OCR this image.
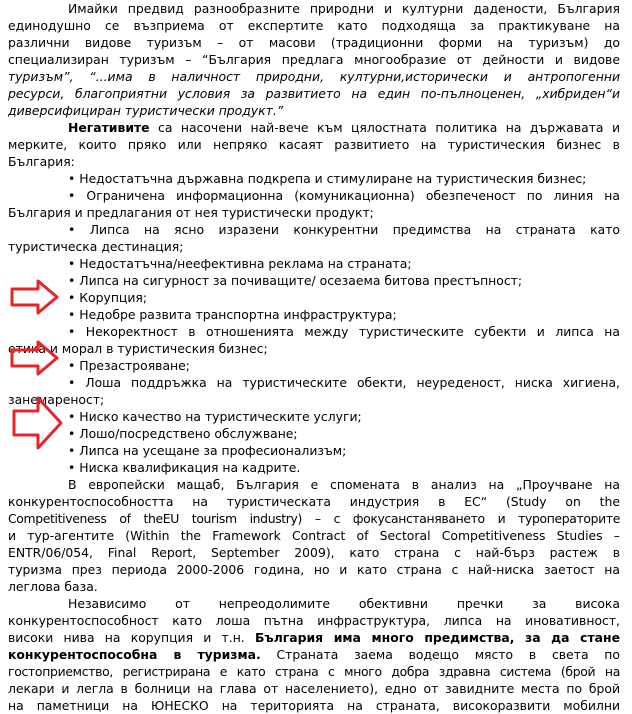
Имайки предвид разнообразните природни и културни дадености, България
единодушно се възприема от експертите като подходяща за практикуване на
различни видове туризъм – от масови (традиционни форми на туризъм) до
специализиран туризъм – “България предлага многообразие от дейности и видове
туризъм”, “...има в наличност природни, културни,исторически и антропогенни
ресурси, благоприятни условия за развитието на един по-пълноценен, „хибриден“и
диверсифициран туристически продукт.”
Негативите са насочени най-вече към цялостната политика на държавата и
мерките, които пряко или непряко касаят развитието на туристическия бизнес в
България:
• Недостатъчна държавна подкрепа и стимулиране на туристическия бизнес;
• Ограничена информационна (комуникационна) обезпеченост по линия на
България и предлагания от нея туристически продукт;
• Липса на ясно изразени конкурентни предимства на страната като
туристическа дестинация;
• Недостатъчна/неефективна реклама на страната;
• Липса на сигурност за почиващите/ осезаема битова престъпност;
• Корупция;
• Недобре развита транспортна инфраструктура;
• Некоректност в отношенията между туристическите субекти и липса на
етика и морал в туристическия бизнес;
• Презастрояване;
• Лоша поддръжка на туристическите обекти, неуреденост, ниска хигиена,
занемареност;
• Ниско качество на туристическите услуги;
• Лошо/посредствено обслужване;
• Липса на усещане за професионализъм;
• Ниска квалификация на кадрите.
В европейски мащаб, България е спомената в анализ на „Проучване на
конкурентоспособността на туристическата индустрия в ЕС“ (Study on the
Competitiveness of theEU tourism industry) – с фокусанстаняването и туроператорите
и тур-агентите (Within the Framework Contract of Sectoral Competitiveness Studies –
ENTR/06/054, Final Report, September 2009), като страна с най-бърз растеж в
туризма през периода 2000-2006 година, но и като страна с най-ниска заетост на
леглова база.
Независимо от непреодолимите обективни пречки за висока
конкурентоспособност като лоша пътна инфраструктура, липса на иновативност,
високи нива на корупция и т.н. България има много предимства, за да стане
конкурентоспособна в туризма. Страната заема водещо място в света по
гостоприемство, регистрирана е като страна с много добра здравна система (брой на
лекари и легла в болници на глава от населението), едно от завидните места по брой
на паметници на ЮНЕСКО на територията на страната, високоразвити мобилни
